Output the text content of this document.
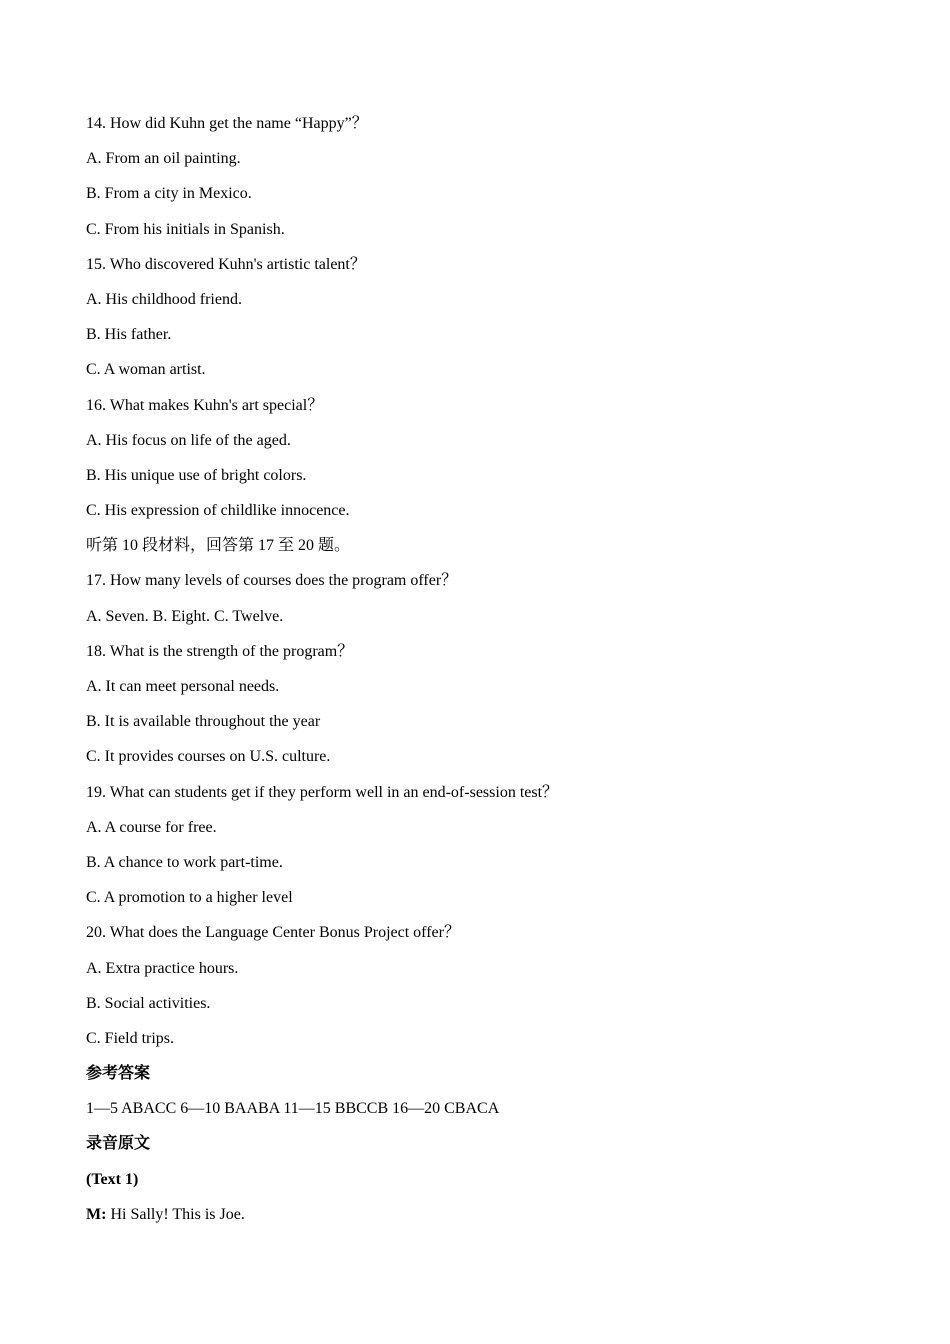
14. How did Kuhn get the name “Happy”？
A. From an oil painting.
B. From a city in Mexico.
C. From his initials in Spanish.
15. Who discovered Kuhn's artistic talent？
A. His childhood friend.
B. His father.
C. A woman artist.
16. What makes Kuhn's art special？
A. His focus on life of the aged.
B. His unique use of bright colors.
C. His expression of childlike innocence.
听第 10 段材料，回答第 17 至 20 题。
17. How many levels of courses does the program offer？
A. Seven. B. Eight. C. Twelve.
18. What is the strength of the program？
A. It can meet personal needs.
B. It is available throughout the year
C. It provides courses on U.S. culture.
19. What can students get if they perform well in an end-of-session test？
A. A course for free.
B. A chance to work part-time.
C. A promotion to a higher level
20. What does the Language Center Bonus Project offer？
A. Extra practice hours.
B. Social activities.
C. Field trips.
参考答案
1—5 ABACC 6—10 BAABA 11—15 BBCCB 16—20 CBACA
录音原文
(Text 1)
M: Hi Sally! This is Joe.
